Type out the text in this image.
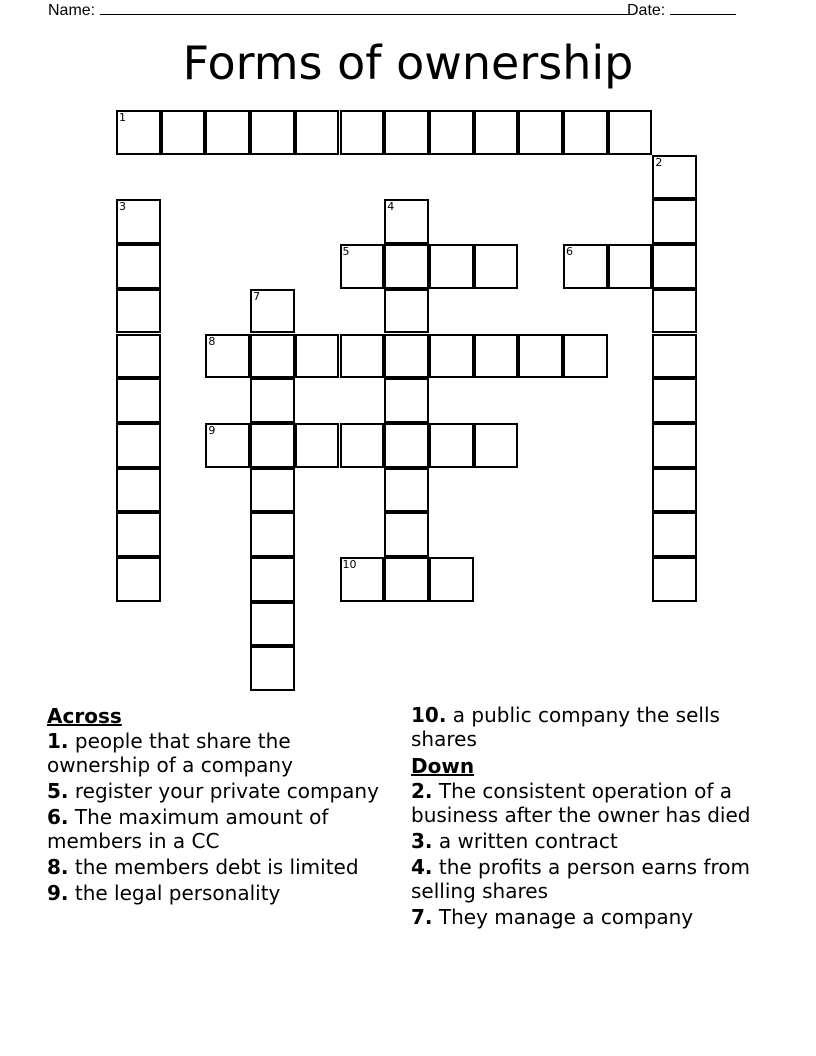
Name:	Date:
Forms of ownership
1
2
3	4
5	6
7
8
9
10
Across
1. people that share the ownership of a company
5. register your private company
6. The maximum amount of members in a CC
8. the members debt is limited
9. the legal personality
10. a public company the sells shares
Down
2. The consistent operation of a business after the owner has died
3. a written contract
4. the profits a person earns from selling shares
7. They manage a company
